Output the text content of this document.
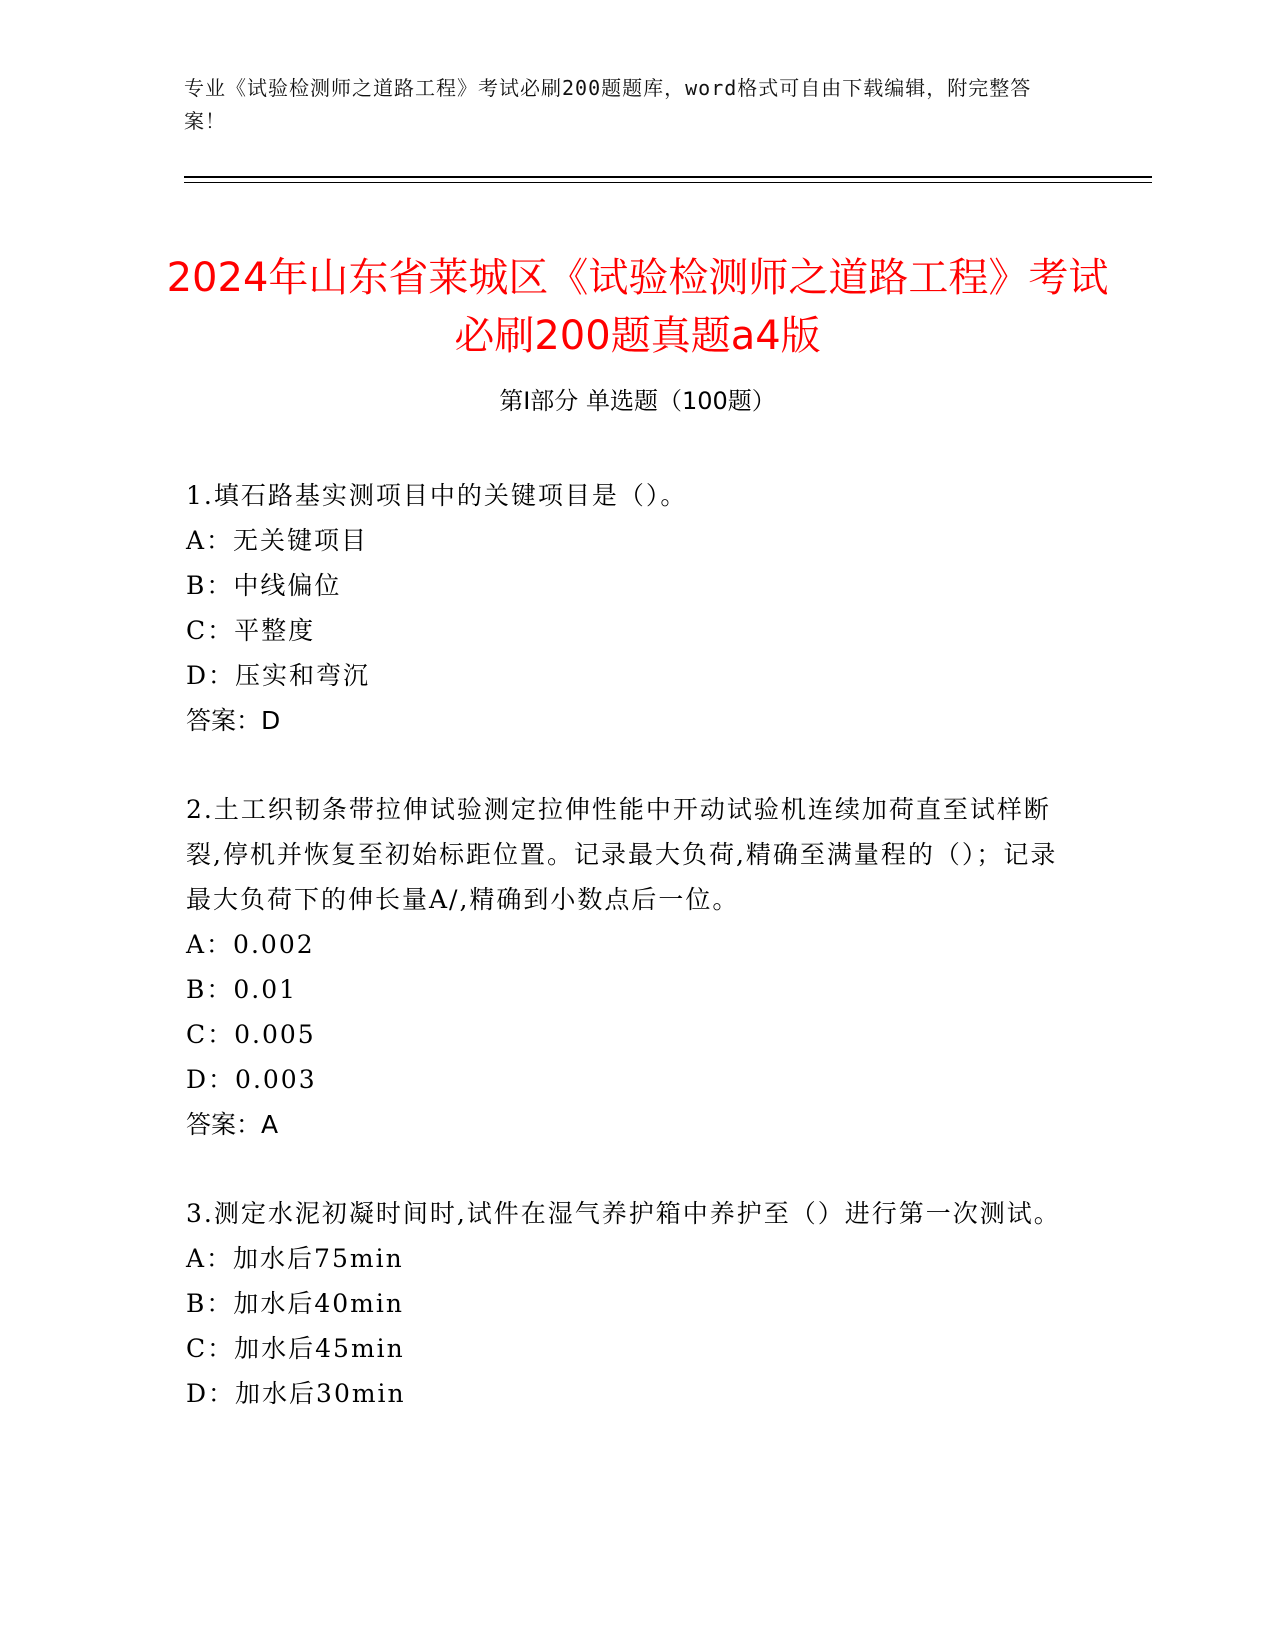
专业《试验检测师之道路工程》考试必刷200题题库，word格式可自由下载编辑，附完整答案！
2024年山东省莱城区《试验检测师之道路工程》考试必刷200题真题a4版
第Ⅰ部分 单选题（100题）

1.填石路基实测项目中的关键项目是（）。

A：无关键项目

B：中线偏位

C：平整度

D：压实和弯沉

答案：D

2.土工织韧条带拉伸试验测定拉伸性能中开动试验机连续加荷直至试样断裂,停机并恢复至初始标距位置。记录最大负荷,精确至满量程的（）；记录最大负荷下的伸长量A/,精确到小数点后一位。

A：0.002

B：0.01

C：0.005

D：0.003

答案：A

3.测定水泥初凝时间时,试件在湿气养护箱中养护至（）进行第一次测试。

A：加水后75min

B：加水后40min

C：加水后45min

D：加水后30min
